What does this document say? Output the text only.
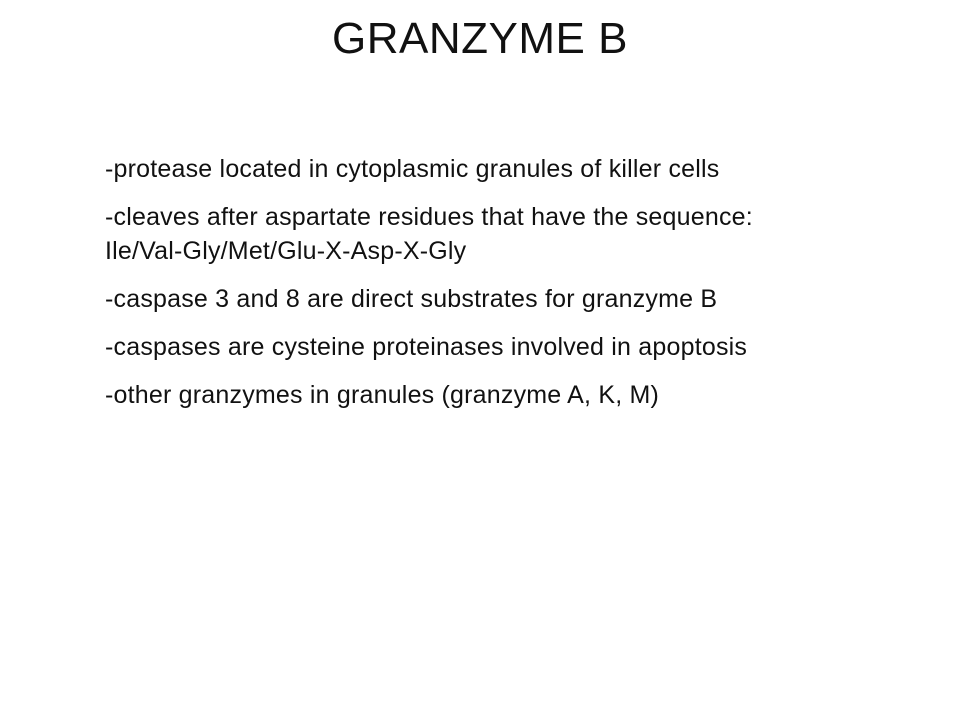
GRANZYME B
-protease located in cytoplasmic granules of killer cells
-cleaves after aspartate residues that have the sequence: Ile/Val-Gly/Met/Glu-X-Asp-X-Gly
-caspase 3 and 8 are direct substrates for granzyme B
-caspases are cysteine proteinases involved in apoptosis
-other granzymes in granules (granzyme A, K, M)
